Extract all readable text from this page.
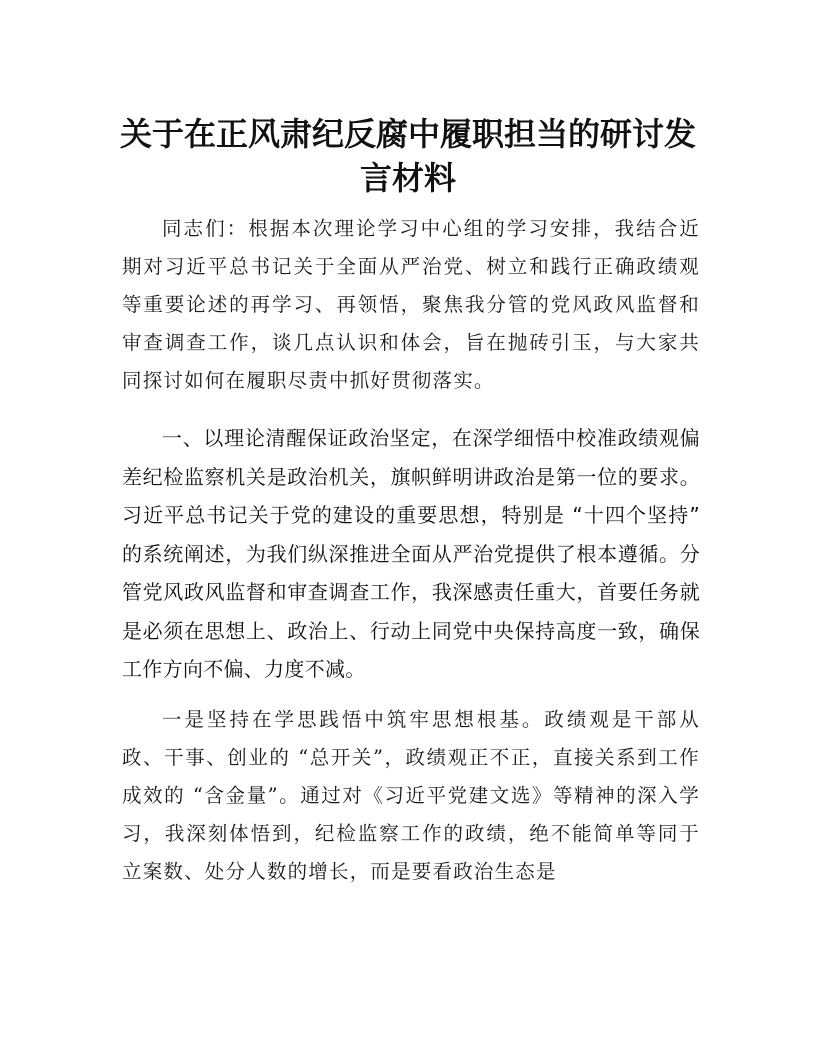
关于在正风肃纪反腐中履职担当的研讨发言材料

同志们：根据本次理论学习中心组的学习安排，我结合近期对习近平总书记关于全面从严治党、树立和践行正确政绩观等重要论述的再学习、再领悟，聚焦我分管的党风政风监督和审查调查工作，谈几点认识和体会，旨在抛砖引玉，与大家共同探讨如何在履职尽责中抓好贯彻落实。

一、以理论清醒保证政治坚定，在深学细悟中校准政绩观偏差纪检监察机关是政治机关，旗帜鲜明讲政治是第一位的要求。习近平总书记关于党的建设的重要思想，特别是 “十四个坚持” 的系统阐述，为我们纵深推进全面从严治党提供了根本遵循。分管党风政风监督和审查调查工作，我深感责任重大，首要任务就是必须在思想上、政治上、行动上同党中央保持高度一致，确保工作方向不偏、力度不减。

一是坚持在学思践悟中筑牢思想根基。政绩观是干部从政、干事、创业的 “总开关”，政绩观正不正，直接关系到工作成效的 “含金量”。通过对《习近平党建文选》等精神的深入学习，我深刻体悟到，纪检监察工作的政绩，绝不能简单等同于立案数、处分人数的增长，而是要看政治生态是
